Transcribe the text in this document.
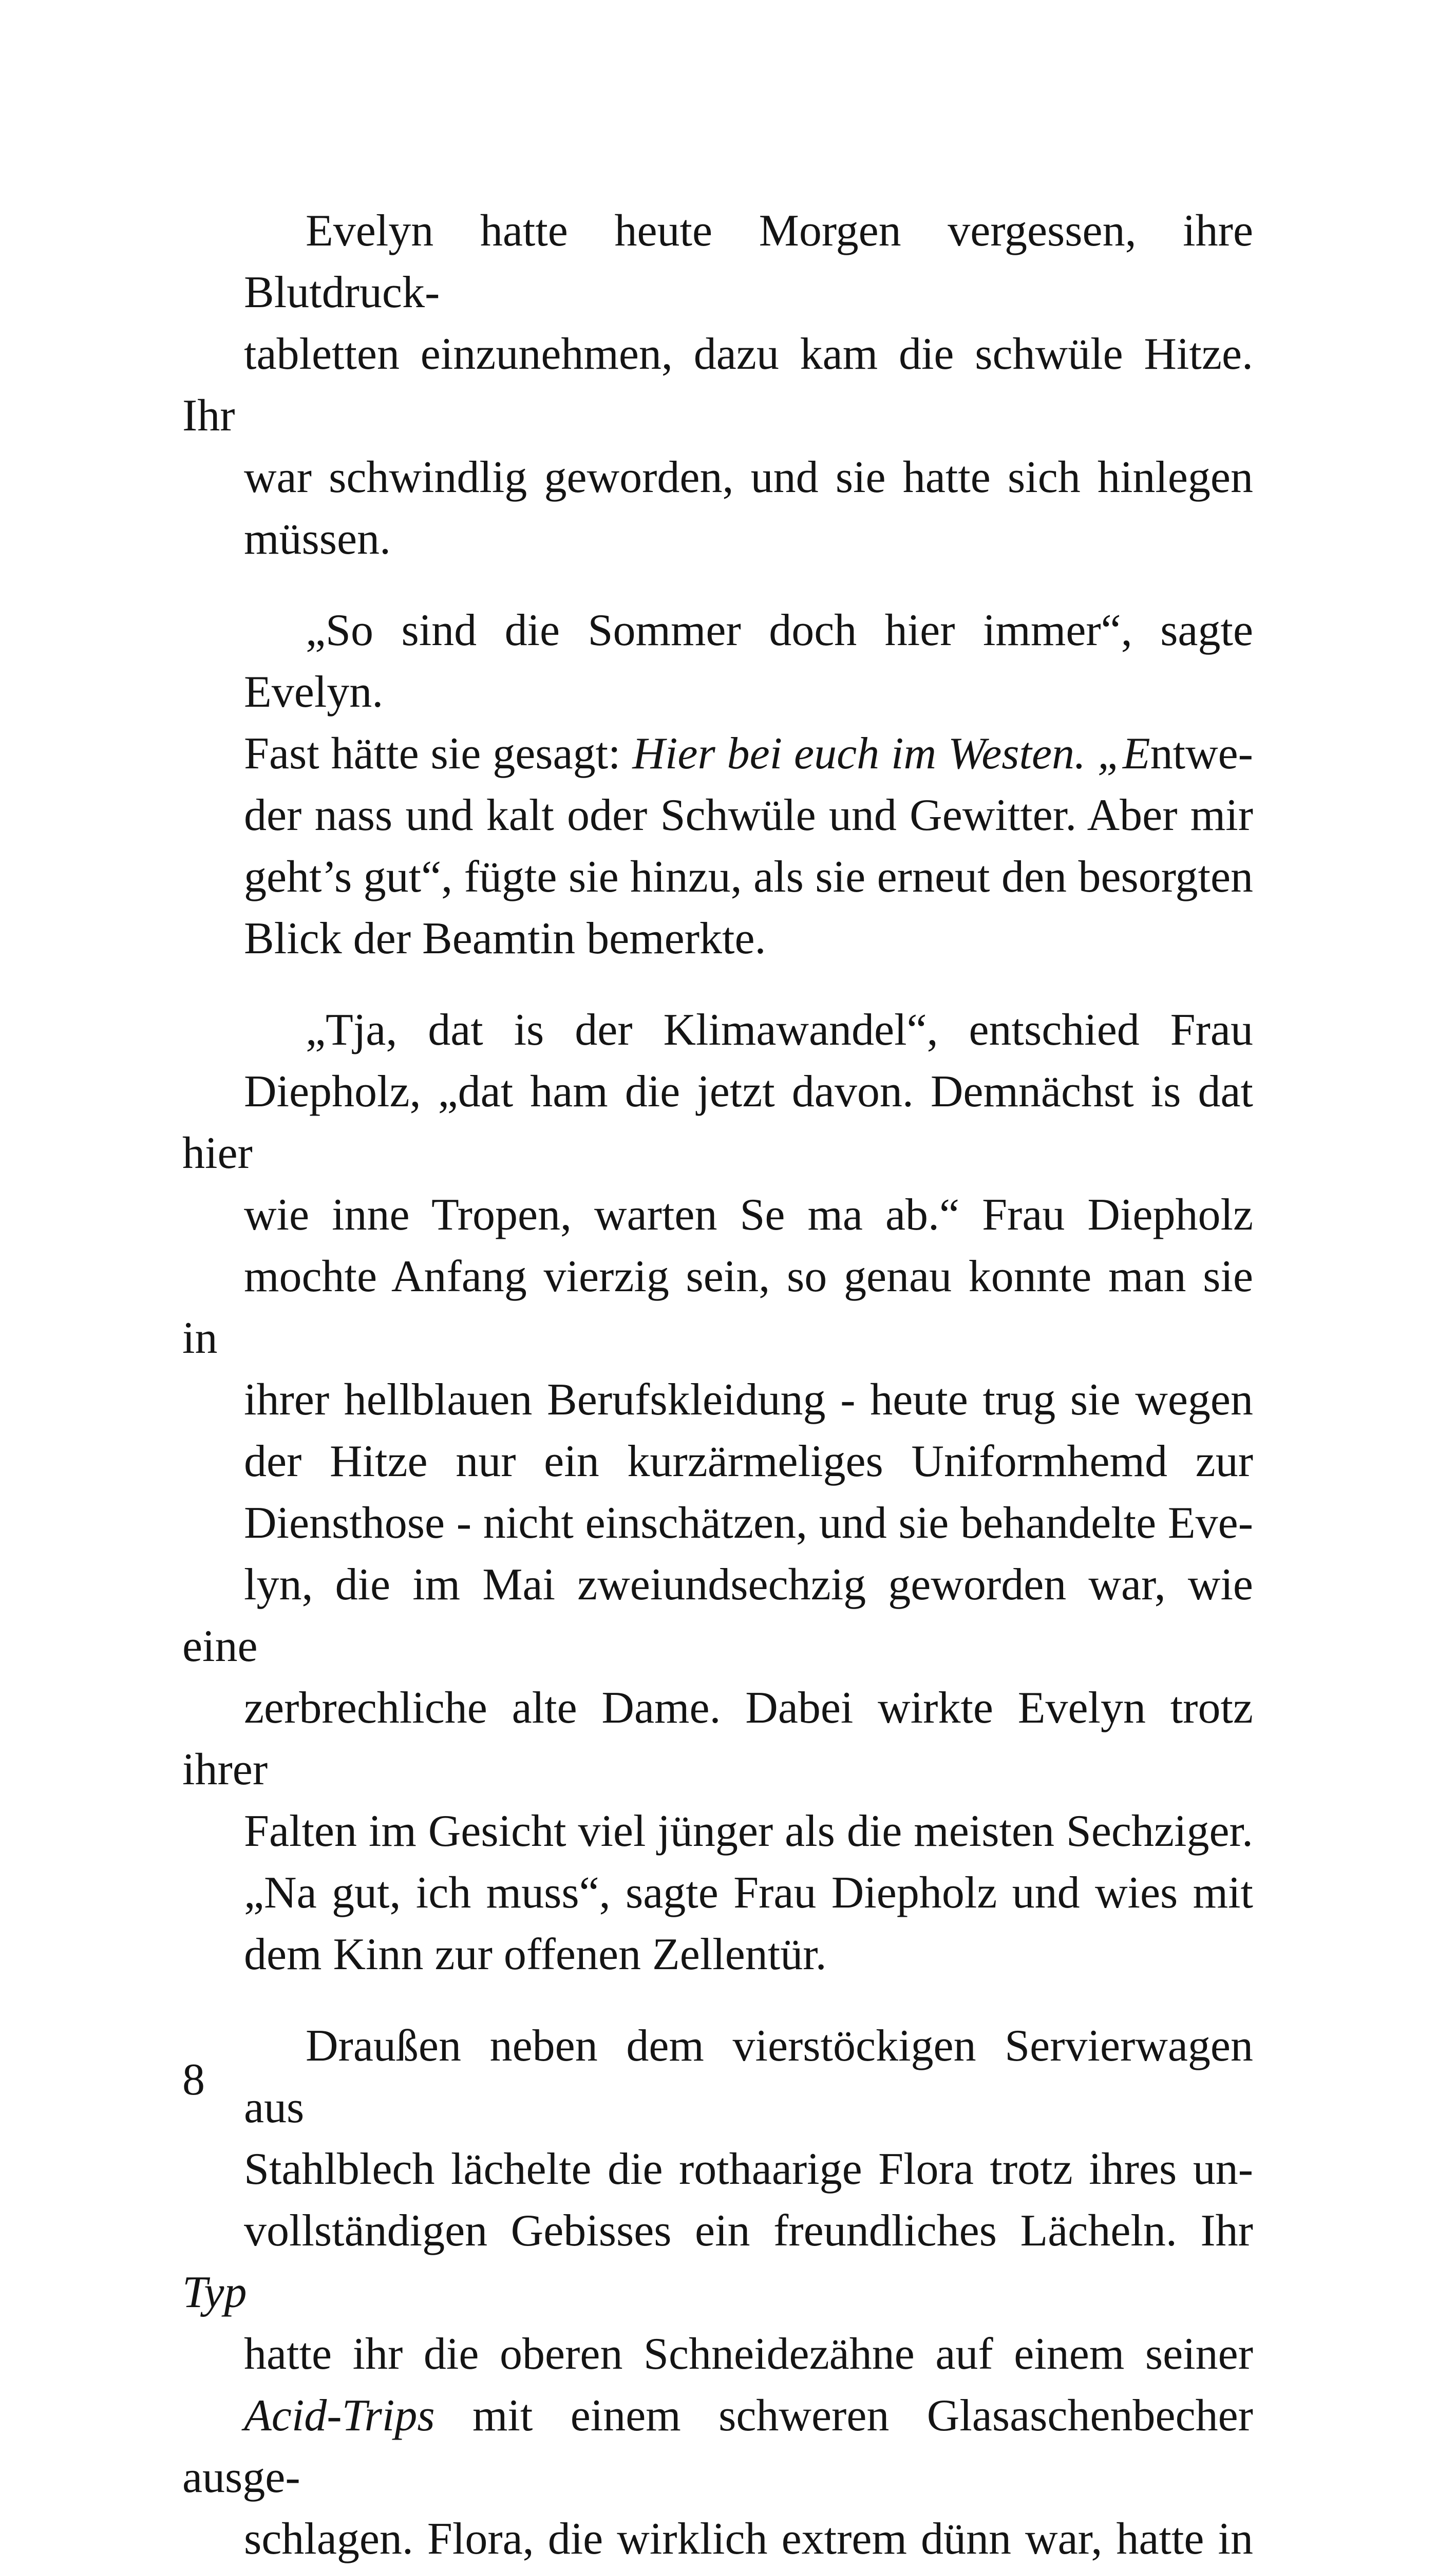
Evelyn hatte heute Morgen vergessen, ihre Blutdruck-
tabletten einzunehmen, dazu kam die schwüle Hitze. Ihr
war schwindlig geworden, und sie hatte sich hinlegen
müssen.
„So sind die Sommer doch hier immer“, sagte Evelyn.
Fast hätte sie gesagt: Hier bei euch im Westen. „Entwe-
der nass und kalt oder Schwüle und Gewitter. Aber mir
geht’s gut“, fügte sie hinzu, als sie erneut den besorgten
Blick der Beamtin bemerkte.
„Tja, dat is der Klimawandel“, entschied Frau
Diepholz, „dat ham die jetzt davon. Demnächst is dat hier
wie inne Tropen, warten Se ma ab.“ Frau Diepholz
mochte Anfang vierzig sein, so genau konnte man sie in
ihrer hellblauen Berufskleidung - heute trug sie wegen
der Hitze nur ein kurzärmeliges Uniformhemd zur
Diensthose - nicht einschätzen, und sie behandelte Eve-
lyn, die im Mai zweiundsechzig geworden war, wie eine
zerbrechliche alte Dame. Dabei wirkte Evelyn trotz ihrer
Falten im Gesicht viel jünger als die meisten Sechziger.
„Na gut, ich muss“, sagte Frau Diepholz und wies mit
dem Kinn zur offenen Zellentür.
Draußen neben dem vierstöckigen Servierwagen aus
Stahlblech lächelte die rothaarige Flora trotz ihres un-
vollständigen Gebisses ein freundliches Lächeln. Ihr Typ
hatte ihr die oberen Schneidezähne auf einem seiner
Acid-Trips mit einem schweren Glasaschenbecher ausge-
schlagen. Flora, die wirklich extrem dünn war, hatte in
8
